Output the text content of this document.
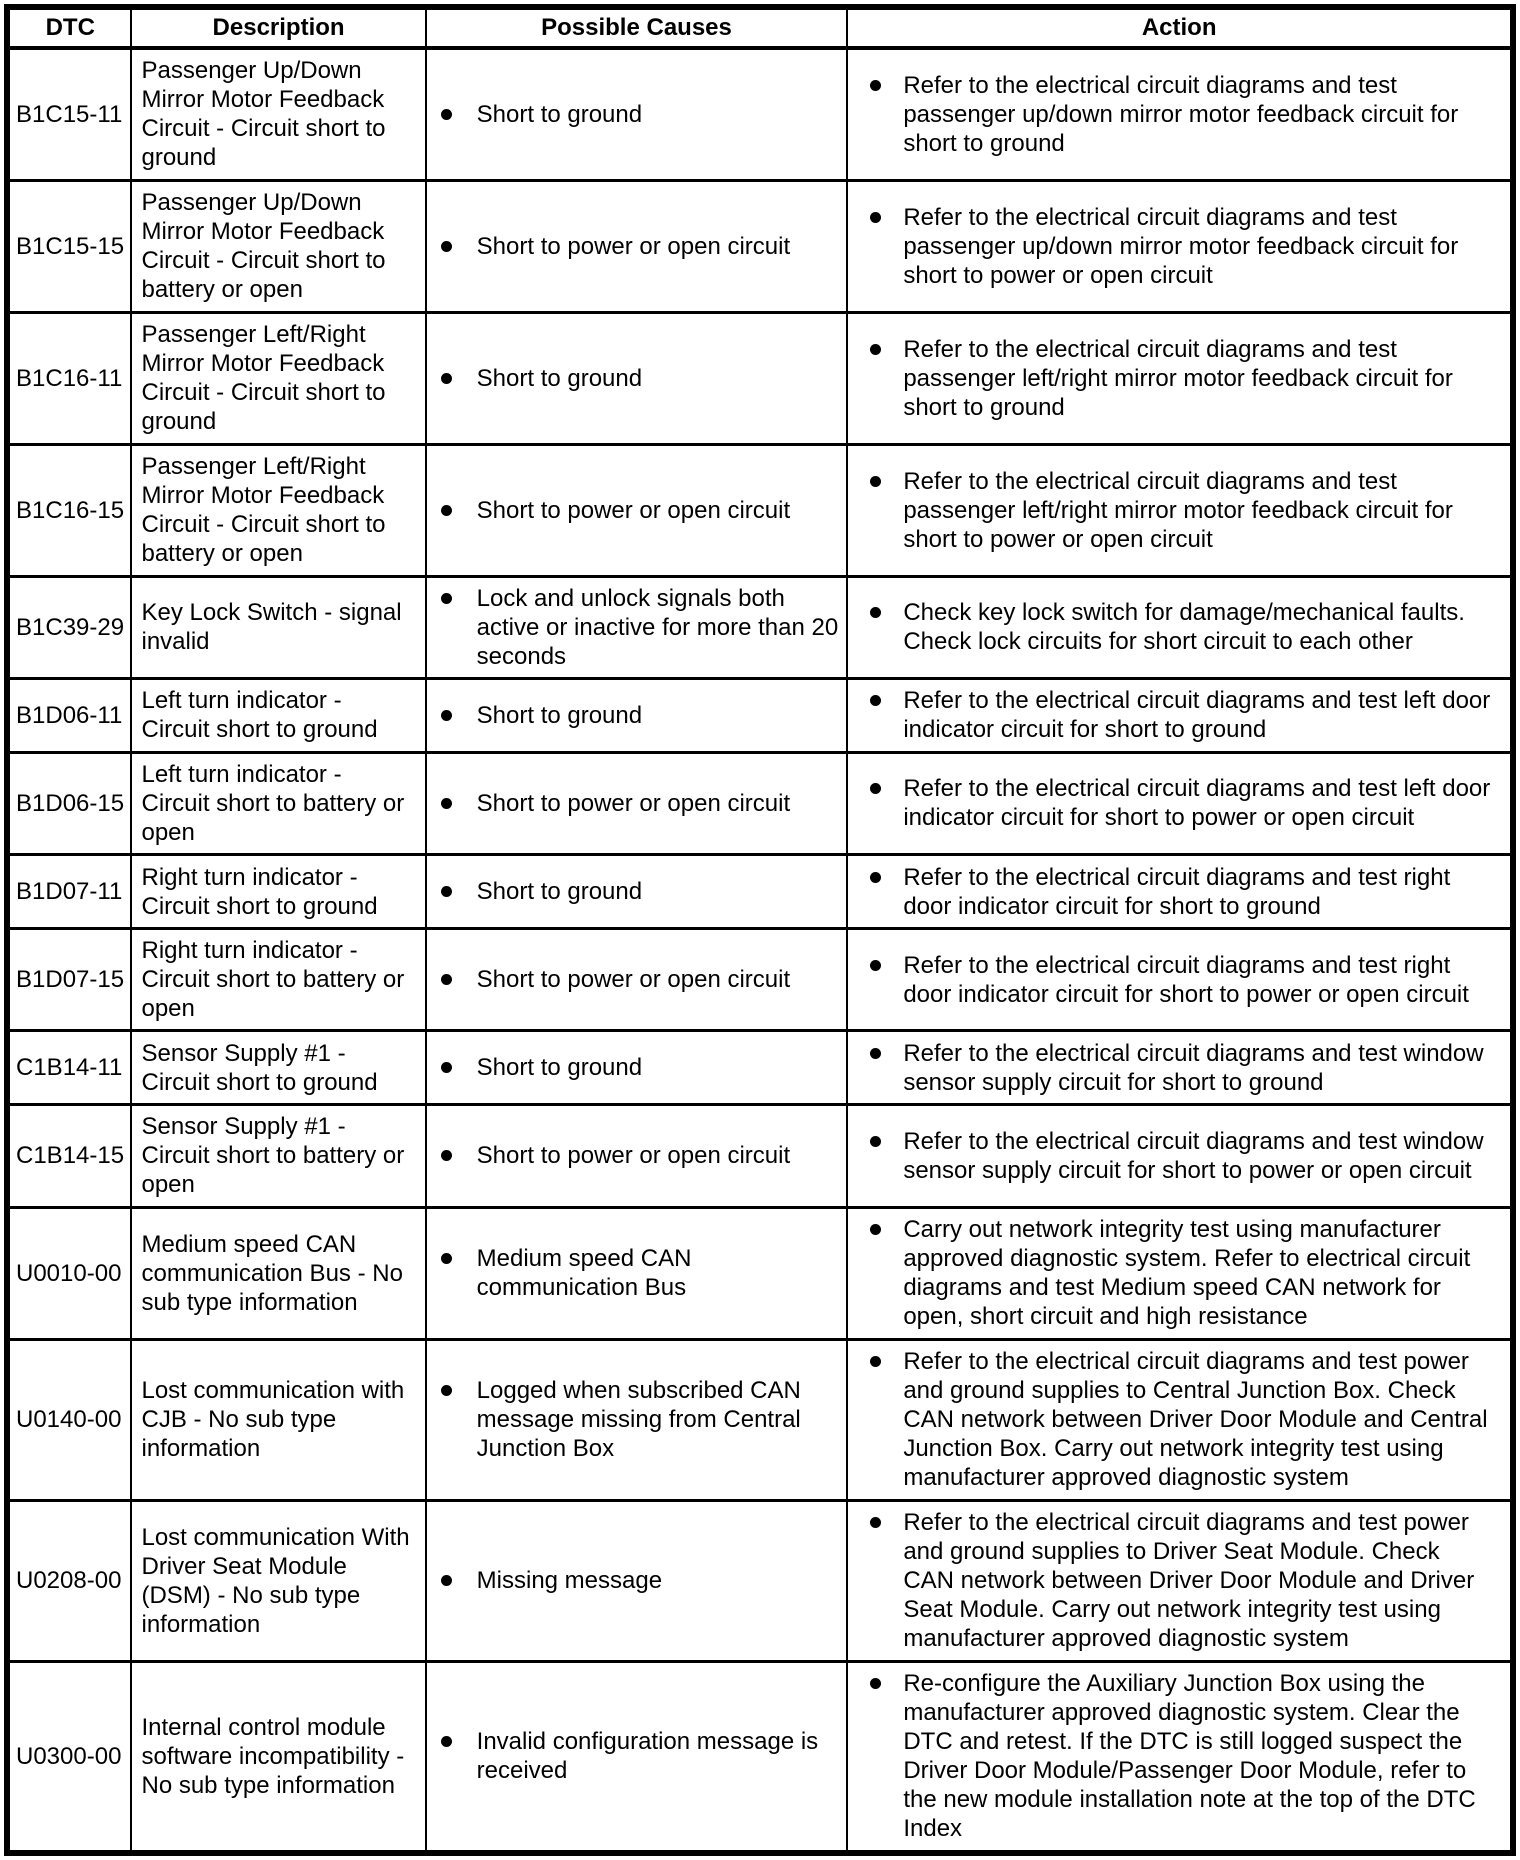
DTC	Description	Possible Causes	Action
B1C15-11	Passenger Up/Down Mirror Motor Feedback Circuit - Circuit short to ground	Short to ground	Refer to the electrical circuit diagrams and test passenger up/down mirror motor feedback circuit for short to ground

B1C15-15	Passenger Up/Down Mirror Motor Feedback Circuit - Circuit short to battery or open	Short to power or open circuit	Refer to the electrical circuit diagrams and test passenger up/down mirror motor feedback circuit for short to power or open circuit

B1C16-11	Passenger Left/Right Mirror Motor Feedback Circuit - Circuit short to ground	Short to ground	Refer to the electrical circuit diagrams and test passenger left/right mirror motor feedback circuit for short to ground

B1C16-15	Passenger Left/Right Mirror Motor Feedback Circuit - Circuit short to battery or open	Short to power or open circuit	Refer to the electrical circuit diagrams and test passenger left/right mirror motor feedback circuit for short to power or open circuit

B1C39-29	Key Lock Switch - signal invalid	Lock and unlock signals both active or inactive for more than 20 seconds	Check key lock switch for damage/mechanical faults. Check lock circuits for short circuit to each other

B1D06-11	Left turn indicator - Circuit short to ground	Short to ground	Refer to the electrical circuit diagrams and test left door indicator circuit for short to ground

B1D06-15	Left turn indicator - Circuit short to battery or open	Short to power or open circuit	Refer to the electrical circuit diagrams and test left door indicator circuit for short to power or open circuit

B1D07-11	Right turn indicator - Circuit short to ground	Short to ground	Refer to the electrical circuit diagrams and test right door indicator circuit for short to ground

B1D07-15	Right turn indicator - Circuit short to battery or open	Short to power or open circuit	Refer to the electrical circuit diagrams and test right door indicator circuit for short to power or open circuit

C1B14-11	Sensor Supply #1 - Circuit short to ground	Short to ground	Refer to the electrical circuit diagrams and test window sensor supply circuit for short to ground

C1B14-15	Sensor Supply #1 - Circuit short to battery or open	Short to power or open circuit	Refer to the electrical circuit diagrams and test window sensor supply circuit for short to power or open circuit

U0010-00	Medium speed CAN communication Bus - No sub type information	Medium speed CAN communication Bus	Carry out network integrity test using manufacturer approved diagnostic system. Refer to electrical circuit diagrams and test Medium speed CAN network for open, short circuit and high resistance

U0140-00	Lost communication with CJB - No sub type information	Logged when subscribed CAN message missing from Central Junction Box	Refer to the electrical circuit diagrams and test power and ground supplies to Central Junction Box. Check CAN network between Driver Door Module and Central Junction Box. Carry out network integrity test using manufacturer approved diagnostic system

U0208-00	Lost communication With Driver Seat Module (DSM) - No sub type information	Missing message	Refer to the electrical circuit diagrams and test power and ground supplies to Driver Seat Module. Check CAN network between Driver Door Module and Driver Seat Module. Carry out network integrity test using manufacturer approved diagnostic system

U0300-00	Internal control module software incompatibility - No sub type information	Invalid configuration message is received	Re-configure the Auxiliary Junction Box using the manufacturer approved diagnostic system. Clear the DTC and retest. If the DTC is still logged suspect the Driver Door Module/Passenger Door Module, refer to the new module installation note at the top of the DTC Index
